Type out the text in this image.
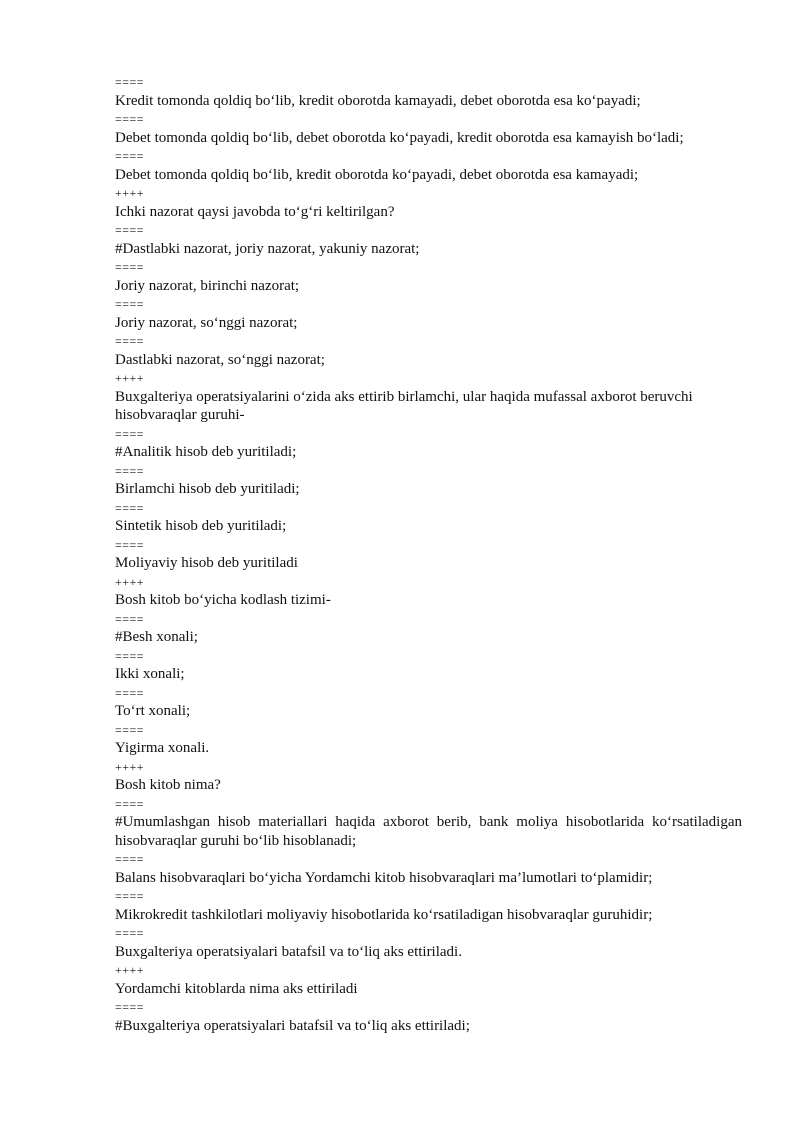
====
Kredit tomonda qoldiq bo‘lib, kredit oborotda kamayadi, debet oborotda esa ko‘payadi;
====
Debet tomonda qoldiq bo‘lib, debet oborotda ko‘payadi, kredit oborotda esa kamayish bo‘ladi;
====
Debet tomonda qoldiq bo‘lib, kredit oborotda ko‘payadi, debet oborotda esa kamayadi;
++++
Ichki nazorat qaysi javobda to‘g‘ri keltirilgan?
====
#Dastlabki nazorat, joriy nazorat, yakuniy nazorat;
====
Joriy nazorat, birinchi nazorat;
====
Joriy nazorat, so‘nggi nazorat;
====
Dastlabki nazorat, so‘nggi nazorat;
++++
Buxgalteriya operatsiyalarini o‘zida aks ettirib birlamchi, ular haqida mufassal axborot beruvchi hisobvaraqlar guruhi-
====
#Analitik hisob deb yuritiladi;
====
Birlamchi hisob deb yuritiladi;
====
Sintetik hisob deb yuritiladi;
====
Moliyaviy hisob deb yuritiladi
++++
Bosh kitob bo‘yicha kodlash tizimi-
====
#Besh xonali;
====
Ikki xonali;
====
To‘rt xonali;
====
Yigirma xonali.
++++
Bosh kitob nima?
====
#Umumlashgan hisob materiallari haqida axborot berib, bank moliya hisobotlarida ko‘rsatiladigan hisobvaraqlar guruhi bo‘lib hisoblanadi;
====
Balans hisobvaraqlari bo‘yicha Yordamchi kitob hisobvaraqlari ma’lumotlari to‘plamidir;
====
Mikrokredit tashkilotlari moliyaviy hisobotlarida ko‘rsatiladigan hisobvaraqlar guruhidir;
====
Buxgalteriya operatsiyalari batafsil va to‘liq aks ettiriladi.
++++
Yordamchi kitoblarda nima aks ettiriladi
====
#Buxgalteriya operatsiyalari batafsil va to‘liq aks ettiriladi;
